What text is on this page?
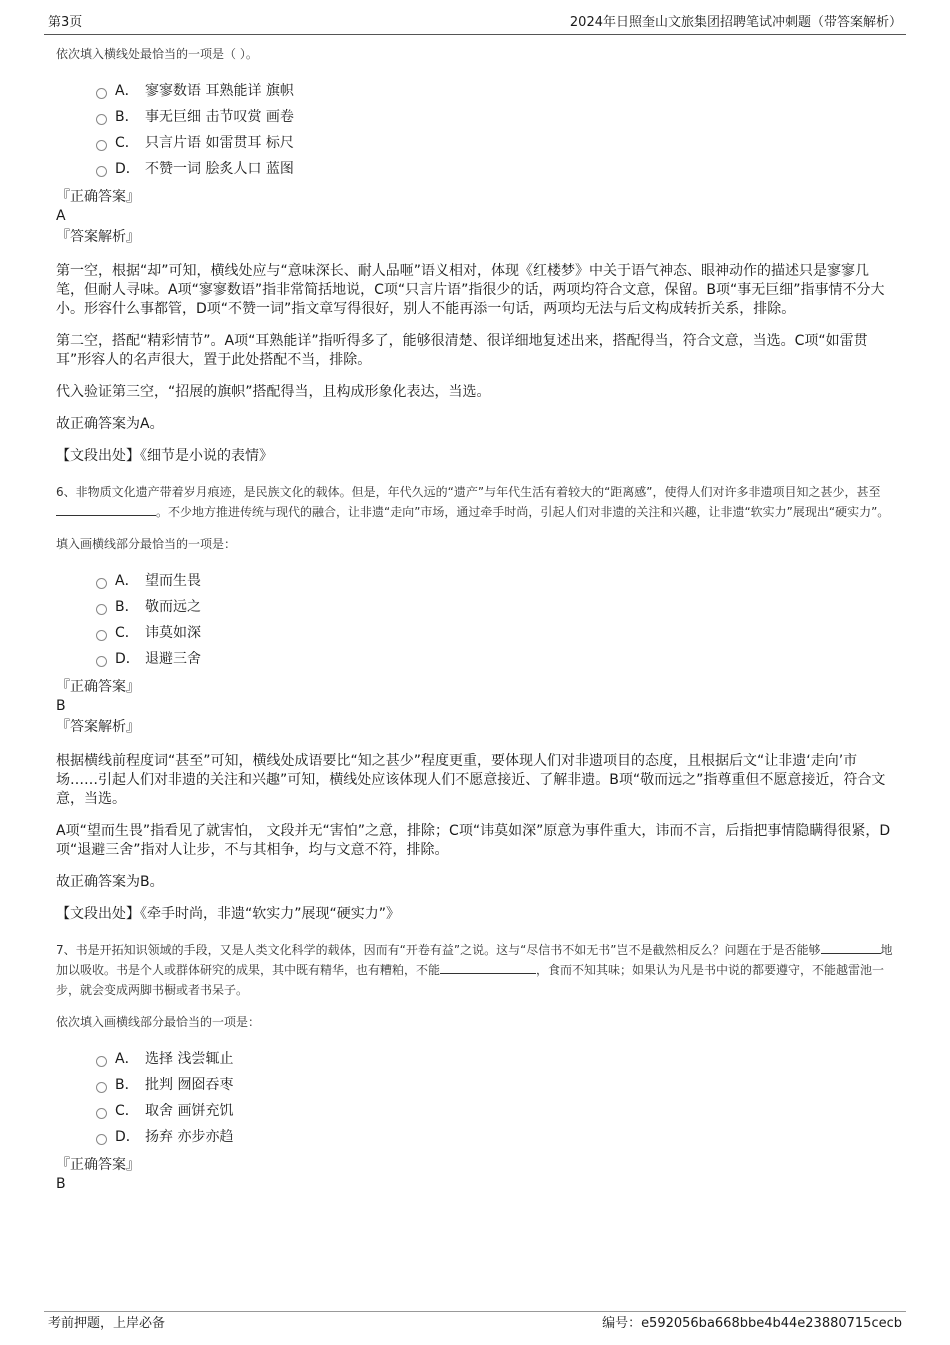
第3页	2024年日照奎山文旅集团招聘笔试冲刺题（带答案解析）
依次填入横线处最恰当的一项是（ ）。
A． 寥寥数语 耳熟能详 旗帜
B． 事无巨细 击节叹赏 画卷
C． 只言片语 如雷贯耳 标尺
D． 不赞一词 脍炙人口 蓝图
『正确答案』
A
『答案解析』

第一空，根据“却”可知，横线处应与“意味深长、耐人品咂”语义相对，体现《红楼梦》中关于语气神态、眼神动作的描述只是寥寥几笔，但耐人寻味。A项“寥寥数语”指非常简括地说，C项“只言片语”指很少的话，两项均符合文意，保留。B项“事无巨细”指事情不分大小。形容什么事都管，D项“不赞一词”指文章写得很好，别人不能再添一句话，两项均无法与后文构成转折关系，排除。

第二空，搭配“精彩情节”。A项“耳熟能详”指听得多了，能够很清楚、很详细地复述出来，搭配得当，符合文意，当选。C项“如雷贯耳”形容人的名声很大，置于此处搭配不当，排除。

代入验证第三空，“招展的旗帜”搭配得当，且构成形象化表达，当选。

故正确答案为A。

【文段出处】《细节是小说的表情》

6、非物质文化遗产带着岁月痕迹，是民族文化的载体。但是，年代久远的“遗产”与年代生活有着较大的“距离感”，使得人们对许多非遗项目知之甚少，甚至。不少地方推进传统与现代的融合，让非遗“走向”市场，通过牵手时尚，引起人们对非遗的关注和兴趣，让非遗“软实力”展现出“硬实力”。
填入画横线部分最恰当的一项是：
A． 望而生畏
B． 敬而远之
C． 讳莫如深
D． 退避三舍
『正确答案』
B
『答案解析』

根据横线前程度词“甚至”可知，横线处成语要比“知之甚少”程度更重，要体现人们对非遗项目的态度，且根据后文“让非遗‘走向’市场……引起人们对非遗的关注和兴趣”可知，横线处应该体现人们不愿意接近、了解非遗。B项“敬而远之”指尊重但不愿意接近，符合文意，当选。

A项“望而生畏”指看见了就害怕， 文段并无“害怕”之意，排除；C项“讳莫如深”原意为事件重大，讳而不言，后指把事情隐瞒得很紧，D项“退避三舍”指对人让步，不与其相争，均与文意不符，排除。

故正确答案为B。

【文段出处】《牵手时尚，非遗“软实力”展现“硬实力”》

7、书是开拓知识领域的手段，又是人类文化科学的载体，因而有“开卷有益”之说。这与“尽信书不如无书”岂不是截然相反么？问题在于是否能够	地加以吸收。书是个人或群体研究的成果，其中既有精华，也有糟粕，不能	，食而不知其味；如果认为凡是书中说的都要遵守，不能越雷池一步，就会变成两脚书橱或者书呆子。
依次填入画横线部分最恰当的一项是：
A． 选择 浅尝辄止
B． 批判 囫囵吞枣
C． 取舍 画饼充饥
D． 扬弃 亦步亦趋
『正确答案』
B
考前押题，上岸必备	编号：e592056ba668bbe4b44e23880715cecb
